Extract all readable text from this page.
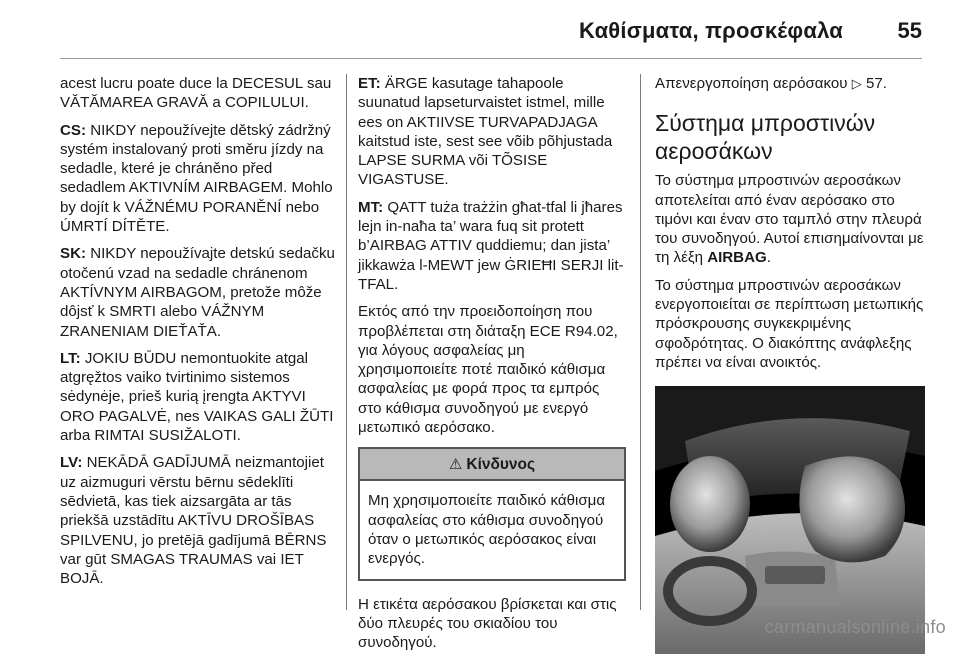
Καθίσματα, προσκέφαλα 55

acest lucru poate duce la DECESUL sau VĂTĂMAREA GRAVĂ a COPILULUI.

CS: NIKDY nepoužívejte dětský zádržný systém instalovaný proti směru jízdy na sedadle, které je chráněno před sedadlem AKTIVNÍM AIRBAGEM. Mohlo by dojít k VÁŽNÉMU PORANĚNÍ nebo ÚMRTÍ DÍTĚTE.

SK: NIKDY nepoužívajte detskú sedačku otočenú vzad na sedadle chránenom AKTÍVNYM AIRBAGOM, pretože môže dôjsť k SMRTI alebo VÁŽNYM ZRANENIAM DIEŤAŤA.

LT: JOKIU BŪDU nemontuokite atgal atgręžtos vaiko tvirtinimo sistemos sėdynėje, prieš kurią įrengta AKTYVI ORO PAGALVĖ, nes VAIKAS GALI ŽŪTI arba RIMTAI SUSIŽALOTI.

LV: NEKĀDĀ GADĪJUMĀ neizmantojiet uz aizmuguri vērstu bērnu sēdeklīti sēdvietā, kas tiek aizsargāta ar tās priekšā uzstādītu AKTĪVU DROŠĪBAS SPILVENU, jo pretējā gadījumā BĒRNS var gūt SMAGAS TRAUMAS vai IET BOJĀ.

ET: ÄRGE kasutage tahapoole suunatud lapseturvaistet istmel, mille ees on AKTIIVSE TURVAPADJAGA kaitstud iste, sest see võib põhjustada LAPSE SURMA või TÕSISE VIGASTUSE.

MT: QATT tuża trażżin għat-tfal li jħares lejn in-naħa ta’ wara fuq sit protett b’AIRBAG ATTIV quddiemu; dan jista’ jikkawża l-MEWT jew ĠRIEĦI SERJI lit-TFAL.

Εκτός από την προειδοποίηση που προβλέπεται στη διάταξη ECE R94.02, για λόγους ασφαλείας μη χρησιμοποιείτε ποτέ παιδικό κάθισμα ασφαλείας με φορά προς τα εμπρός στο κάθισμα συνοδηγού με ενεργό μετωπικό αερόσακο.

⚠ Κίνδυνος
Μη χρησιμοποιείτε παιδικό κάθισμα ασφαλείας στο κάθισμα συνοδηγού όταν ο μετωπικός αερόσακος είναι ενεργός.

Η ετικέτα αερόσακου βρίσκεται και στις δύο πλευρές του σκιαδίου του συνοδηγού.

Απενεργοποίηση αερόσακου ▷ 57.

Σύστημα μπροστινών αεροσάκων

Το σύστημα μπροστινών αεροσάκων αποτελείται από έναν αερόσακο στο τιμόνι και έναν στο ταμπλό στην πλευρά του συνοδηγού. Αυτοί επισημαίνονται με τη λέξη AIRBAG.

Το σύστημα μπροστινών αεροσάκων ενεργοποιείται σε περίπτωση μετωπικής πρόσκρουσης συγκεκριμένης σφοδρότητας. Ο διακόπτης ανάφλεξης πρέπει να είναι ανοικτός.

carmanualsonline.info
